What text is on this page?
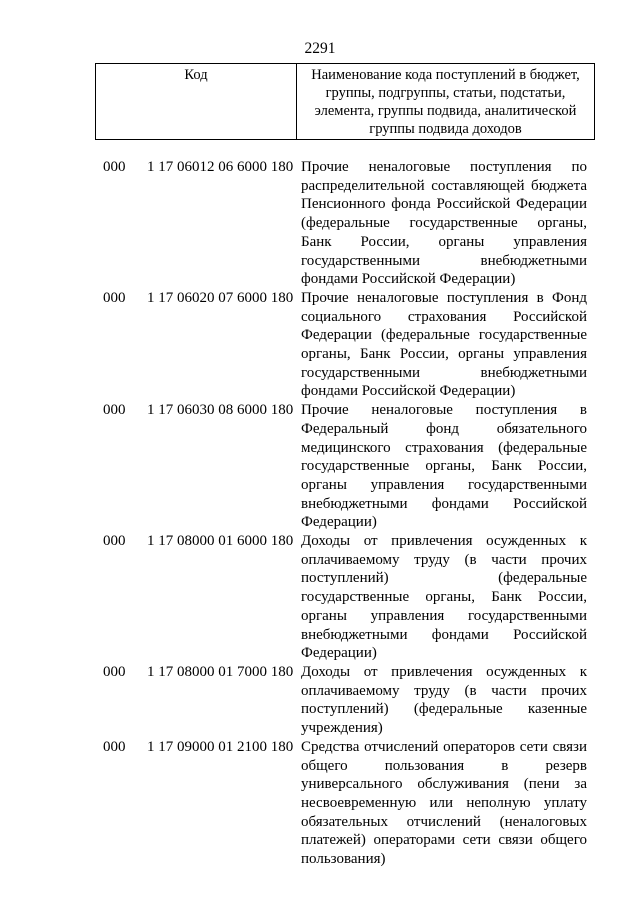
2291
Код	Наименование кода поступлений в бюджет, группы, подгруппы, статьи, подстатьи, элемента, группы подвида, аналитической группы подвида доходов
000 1 17 06012 06 6000 180 Прочие неналоговые поступления по распределительной составляющей бюджета Пенсионного фонда Российской Федерации (федеральные государственные органы, Банк России, органы управления государственными внебюджетными фондами Российской Федерации)
000 1 17 06020 07 6000 180 Прочие неналоговые поступления в Фонд социального страхования Российской Федерации (федеральные государственные органы, Банк России, органы управления государственными внебюджетными фондами Российской Федерации)
000 1 17 06030 08 6000 180 Прочие неналоговые поступления в Федеральный фонд обязательного медицинского страхования (федеральные государственные органы, Банк России, органы управления государственными внебюджетными фондами Российской Федерации)
000 1 17 08000 01 6000 180 Доходы от привлечения осужденных к оплачиваемому труду (в части прочих поступлений) (федеральные государственные органы, Банк России, органы управления государственными внебюджетными фондами Российской Федерации)
000 1 17 08000 01 7000 180 Доходы от привлечения осужденных к оплачиваемому труду (в части прочих поступлений) (федеральные казенные учреждения)
000 1 17 09000 01 2100 180 Средства отчислений операторов сети связи общего пользования в резерв универсального обслуживания (пени за несвоевременную или неполную уплату обязательных отчислений (неналоговых платежей) операторами сети связи общего пользования)
